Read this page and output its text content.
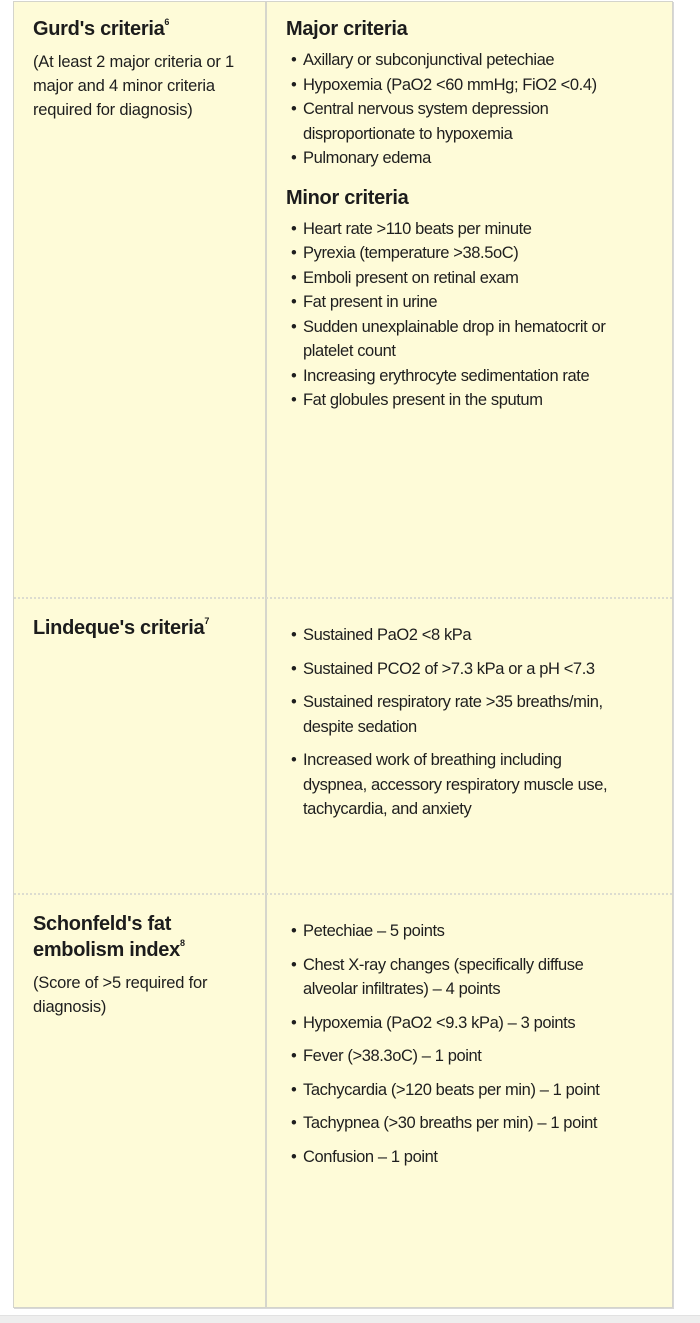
Gurd's criteria$^6$
(At least 2 major criteria or 1 major and 4 minor criteria required for diagnosis)
Major criteria
• Axillary or subconjunctival petechiae
• Hypoxemia (PaO2 <60 mmHg; FiO2 <0.4)
• Central nervous system depression disproportionate to hypoxemia
• Pulmonary edema
Minor criteria
• Heart rate >110 beats per minute
• Pyrexia (temperature >38.5oC)
• Emboli present on retinal exam
• Fat present in urine
• Sudden unexplainable drop in hematocrit or platelet count
• Increasing erythrocyte sedimentation rate
• Fat globules present in the sputum
Lindeque's criteria$^7$
• Sustained PaO2 <8 kPa
• Sustained PCO2 of >7.3 kPa or a pH <7.3
• Sustained respiratory rate >35 breaths/min, despite sedation
• Increased work of breathing including dyspnea, accessory respiratory muscle use, tachycardia, and anxiety
Schonfeld's fat embolism index$^8$
(Score of >5 required for diagnosis)
• Petechiae – 5 points
• Chest X-ray changes (specifically diffuse alveolar infiltrates) – 4 points
• Hypoxemia (PaO2 <9.3 kPa) – 3 points
• Fever (>38.3oC) – 1 point
• Tachycardia (>120 beats per min) – 1 point
• Tachypnea (>30 breaths per min) – 1 point
• Confusion – 1 point
